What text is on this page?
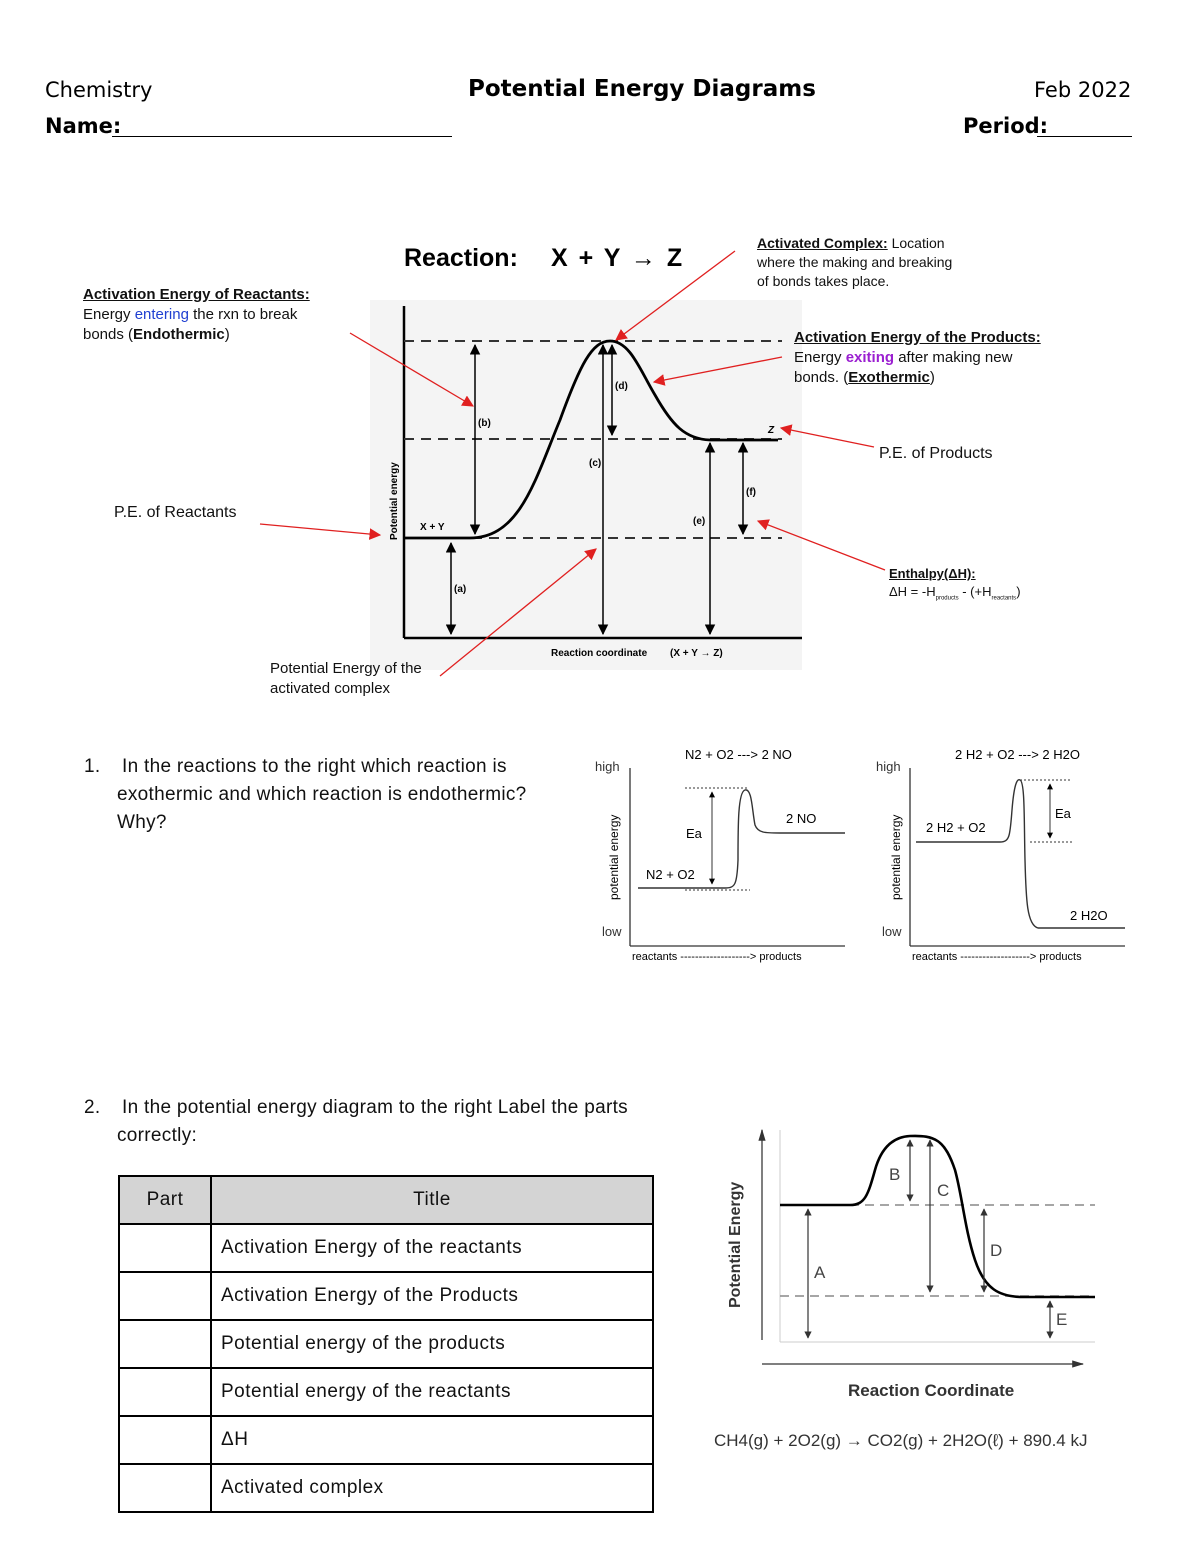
Chemistry	Potential Energy Diagrams	Feb 2022
Name:	Period:
(a)
(b)
(c)
(d)
(e)
(f)
X + Y
Z
Potential energy
Reaction coordinate (X + Y → Z)
Reaction: X + Y → Z
Activation Energy of Reactants:
Energy entering the rxn to break
bonds (Endothermic)
Activated Complex: Location
where the making and breaking
of bonds takes place.
Activation Energy of the Products:
Energy exiting after making new
bonds. (Exothermic)
P.E. of Products
P.E. of Reactants
Enthalpy(ΔH):
$\Delta H = -H_{products} - (+H_{reactants})$
Potential Energy of the
activated complex
1. In the reactions to the right which reaction is
exothermic and which reaction is endothermic?
Why?
N2 + O2 ---> 2 NO
high
low
potential energy
reactants -------------------> products
Ea
N2 + O2
2 NO
2 H2 + O2 ---> 2 H2O
high
low
potential energy
reactants -------------------> products
Ea
2 H2 + O2
2 H2O
2. In the potential energy diagram to the right Label the parts
correctly:
Part	Title
	Activation Energy of the reactants
	Activation Energy of the Products
	Potential energy of the products
	Potential energy of the reactants
	ΔH
	Activated complex
A
B
C
D
E
Potential Energy
Reaction Coordinate
CH4(g) + 2O2(g) → CO2(g) + 2H2O(ℓ) + 890.4 kJ
